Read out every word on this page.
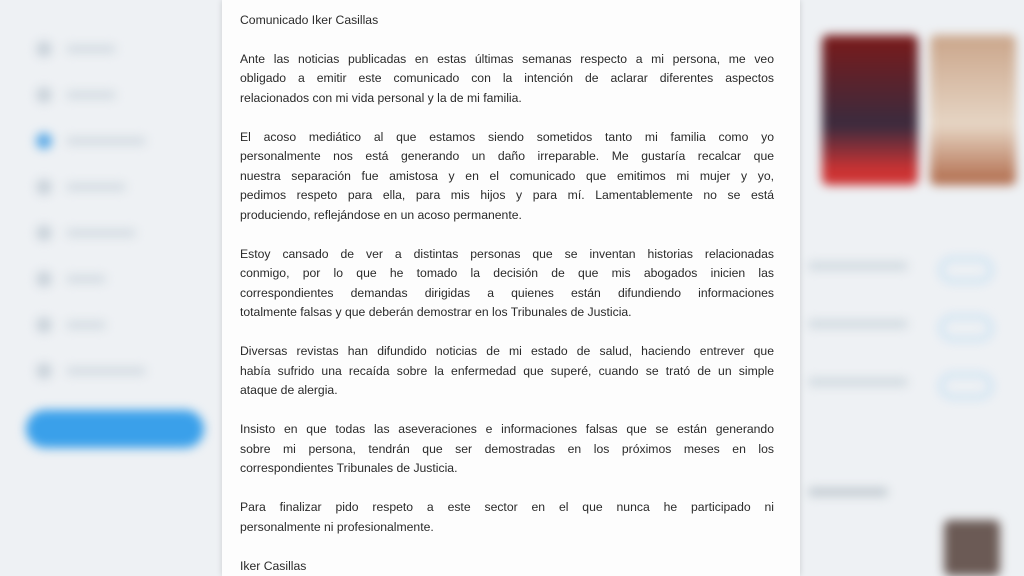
Comunicado Iker Casillas
Ante las noticias publicadas en estas últimas semanas respecto a mi persona, me veo
obligado a emitir este comunicado con la intención de aclarar diferentes aspectos
relacionados con mi vida personal y la de mi familia.
El acoso mediático al que estamos siendo sometidos tanto mi familia como yo
personalmente nos está generando un daño irreparable. Me gustaría recalcar que
nuestra separación fue amistosa y en el comunicado que emitimos mi mujer y yo,
pedimos respeto para ella, para mis hijos y para mí. Lamentablemente no se está
produciendo, reflejándose en un acoso permanente.
Estoy cansado de ver a distintas personas que se inventan historias relacionadas
conmigo, por lo que he tomado la decisión de que mis abogados inicien las
correspondientes demandas dirigidas a quienes están difundiendo informaciones
totalmente falsas y que deberán demostrar en los Tribunales de Justicia.
Diversas revistas han difundido noticias de mi estado de salud, haciendo entrever que
había sufrido una recaída sobre la enfermedad que superé, cuando se trató de un simple
ataque de alergia.
Insisto en que todas las aseveraciones e informaciones falsas que se están generando
sobre mi persona, tendrán que ser demostradas en los próximos meses en los
correspondientes Tribunales de Justicia.
Para finalizar pido respeto a este sector en el que nunca he participado ni
personalmente ni profesionalmente.
Iker Casillas
